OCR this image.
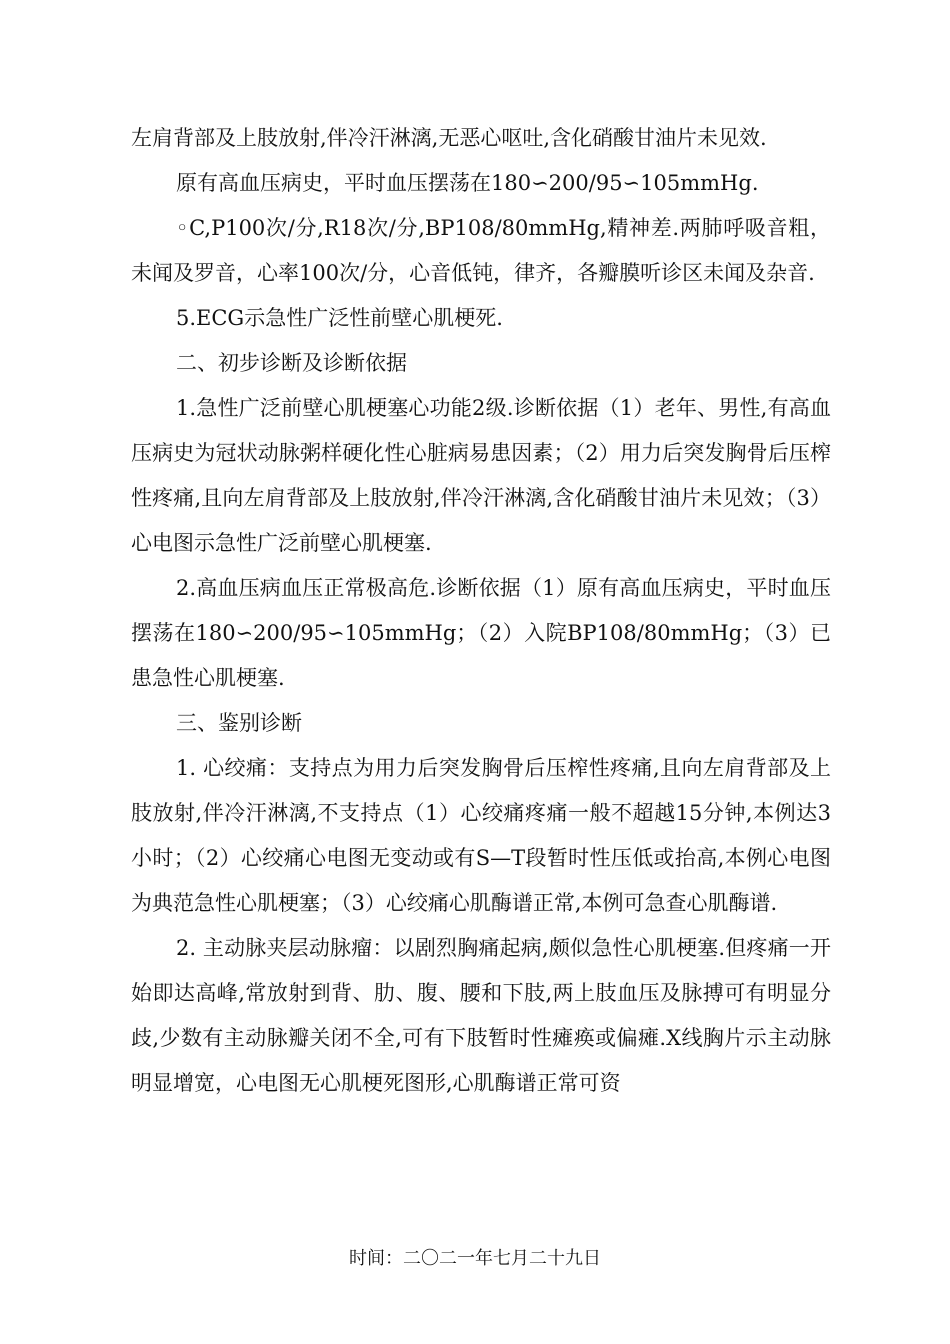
左肩背部及上肢放射,伴冷汗淋漓,无恶心呕吐,含化硝酸甘油片未见效.

原有高血压病史，平时血压摆荡在180∽200/95∽105mmHg.

◦C,P100次/分,R18次/分,BP108/80mmHg,精神差.两肺呼吸音粗，未闻及罗音，心率100次/分，心音低钝，律齐，各瓣膜听诊区未闻及杂音.

5.ECG示急性广泛性前壁心肌梗死.

二、初步诊断及诊断依据

1.急性广泛前壁心肌梗塞心功能2级.诊断依据（1）老年、男性,有高血压病史为冠状动脉粥样硬化性心脏病易患因素；（2）用力后突发胸骨后压榨性疼痛,且向左肩背部及上肢放射,伴冷汗淋漓,含化硝酸甘油片未见效；（3）心电图示急性广泛前壁心肌梗塞.

2.高血压病血压正常极高危.诊断依据（1）原有高血压病史，平时血压摆荡在180∽200/95∽105mmHg；（2）入院BP108/80mmHg；（3）已患急性心肌梗塞.

三、鉴别诊断

1. 心绞痛：支持点为用力后突发胸骨后压榨性疼痛,且向左肩背部及上肢放射,伴冷汗淋漓,不支持点（1）心绞痛疼痛一般不超越15分钟,本例达3小时；（2）心绞痛心电图无变动或有S—T段暂时性压低或抬高,本例心电图为典范急性心肌梗塞；（3）心绞痛心肌酶谱正常,本例可急查心肌酶谱.

2. 主动脉夹层动脉瘤：以剧烈胸痛起病,颇似急性心肌梗塞.但疼痛一开始即达高峰,常放射到背、肋、腹、腰和下肢,两上肢血压及脉搏可有明显分歧,少数有主动脉瓣关闭不全,可有下肢暂时性瘫痪或偏瘫.X线胸片示主动脉明显增宽，心电图无心肌梗死图形,心肌酶谱正常可资

时间：二〇二一年七月二十九日
